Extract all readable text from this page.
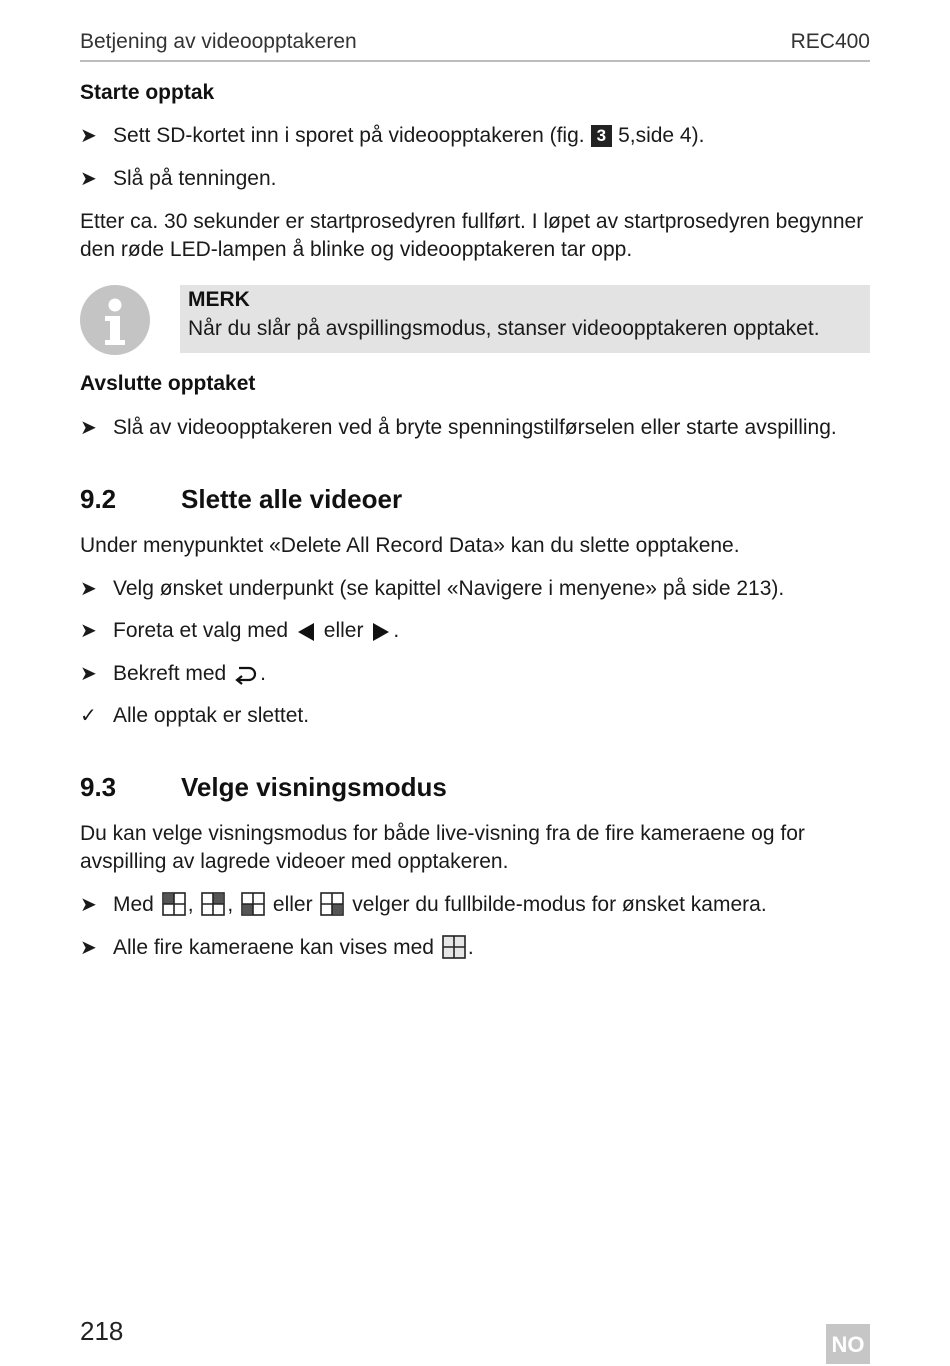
Betjening av videoopptakeren	REC400
Starte opptak
➤ Sett SD-kortet inn i sporet på videoopptakeren (fig. 3 5,side 4).
➤ Slå på tenningen.
Etter ca. 30 sekunder er startprosedyren fullført. I løpet av startprosedyren begynner
den røde LED-lampen å blinke og videoopptakeren tar opp.
MERK
Når du slår på avspillingsmodus, stanser videoopptakeren opptaket.
Avslutte opptaket
➤ Slå av videoopptakeren ved å bryte spenningstilførselen eller starte avspilling.
9.2 Slette alle videoer
Under menypunktet «Delete All Record Data» kan du slette opptakene.
➤ Velg ønsket underpunkt (se kapittel «Navigere i menyene» på side 213).
➤ Foreta et valg med eller .
➤ Bekreft med .
✓ Alle opptak er slettet.
9.3 Velge visningsmodus
Du kan velge visningsmodus for både live-visning fra de fire kameraene og for
avspilling av lagrede videoer med opptakeren.
➤ Med , , eller velger du fullbilde-modus for ønsket kamera.
➤ Alle fire kameraene kan vises med .
218	NO
